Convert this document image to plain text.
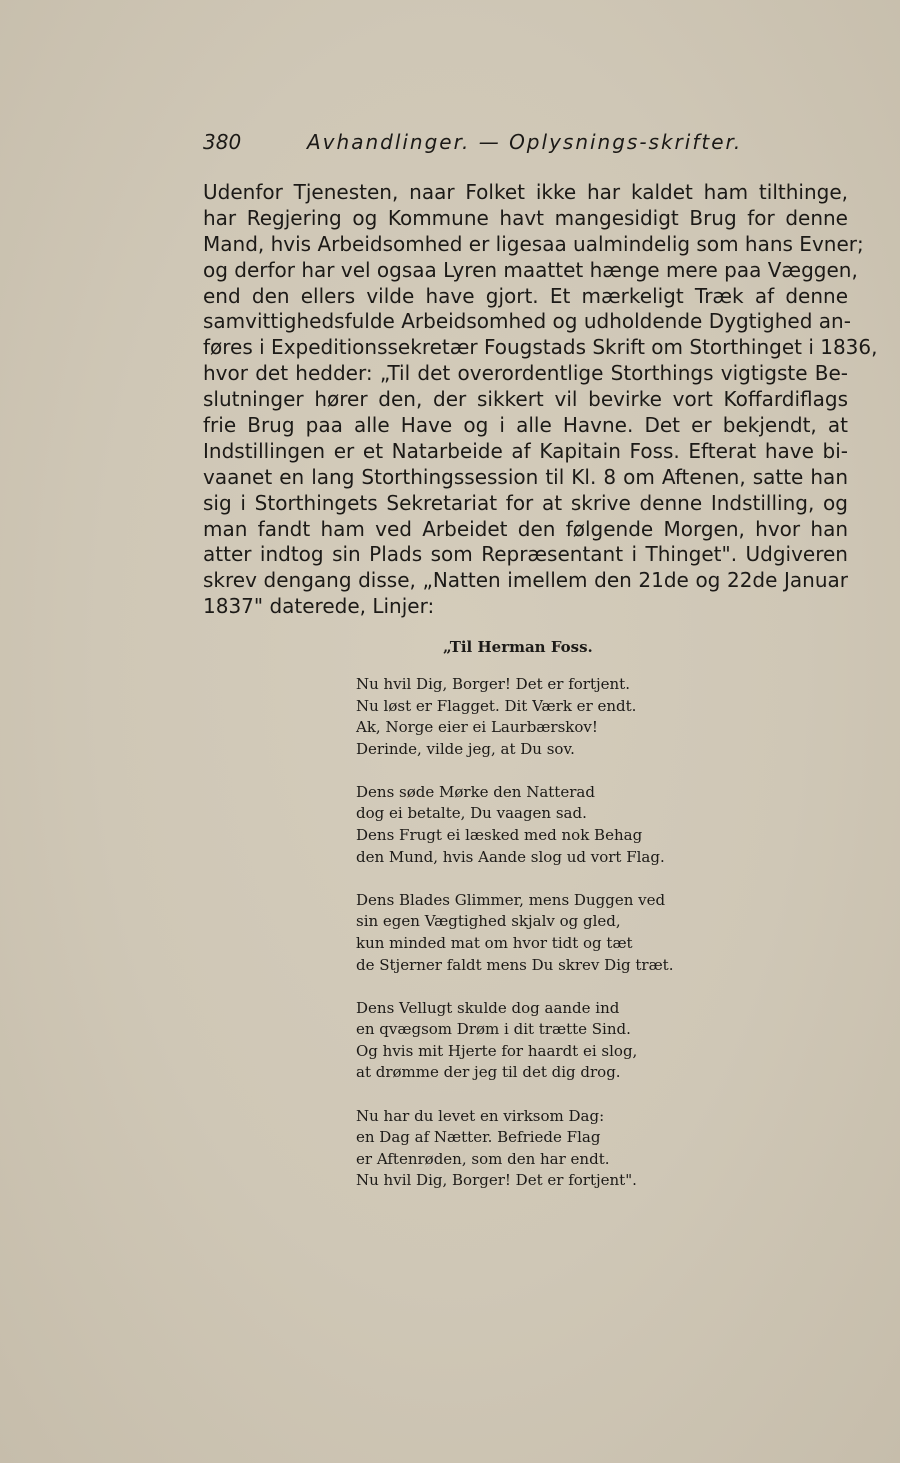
380	Avhandlinger. — Oplysnings-skrifter.
Udenfor Tjenesten, naar Folket ikke har kaldet ham tilthinge,
har Regjering og Kommune havt mangesidigt Brug for denne
Mand, hvis Arbeidsomhed er ligesaa ualmindelig som hans Evner;
og derfor har vel ogsaa Lyren maattet hænge mere paa Væggen,
end den ellers vilde have gjort. Et mærkeligt Træk af denne
samvittighedsfulde Arbeidsomhed og udholdende Dygtighed an-
føres i Expeditionssekretær Fougstads Skrift om Storthinget i 1836,
hvor det hedder: „Til det overordentlige Storthings vigtigste Be-
slutninger hører den, der sikkert vil bevirke vort Koffardiflags
frie Brug paa alle Have og i alle Havne. Det er bekjendt, at
Indstillingen er et Natarbeide af Kapitain Foss. Efterat have bi-
vaanet en lang Storthingssession til Kl. 8 om Aftenen, satte han
sig i Storthingets Sekretariat for at skrive denne Indstilling, og
man fandt ham ved Arbeidet den følgende Morgen, hvor han
atter indtog sin Plads som Repræsentant i Thinget". Udgiveren
skrev dengang disse, „Natten imellem den 21de og 22de Januar
1837" daterede, Linjer:
„Til Herman Foss.
Nu hvil Dig, Borger! Det er fortjent.
Nu løst er Flagget. Dit Værk er endt.
Ak, Norge eier ei Laurbærskov!
Derinde, vilde jeg, at Du sov.
Dens søde Mørke den Natterad
dog ei betalte, Du vaagen sad.
Dens Frugt ei læsked med nok Behag
den Mund, hvis Aande slog ud vort Flag.
Dens Blades Glimmer, mens Duggen ved
sin egen Vægtighed skjalv og gled,
kun minded mat om hvor tidt og tæt
de Stjerner faldt mens Du skrev Dig træt.
Dens Vellugt skulde dog aande ind
en qvægsom Drøm i dit trætte Sind.
Og hvis mit Hjerte for haardt ei slog,
at drømme der jeg til det dig drog.
Nu har du levet en virksom Dag:
en Dag af Nætter. Befriede Flag
er Aftenrøden, som den har endt.
Nu hvil Dig, Borger! Det er fortjent".
